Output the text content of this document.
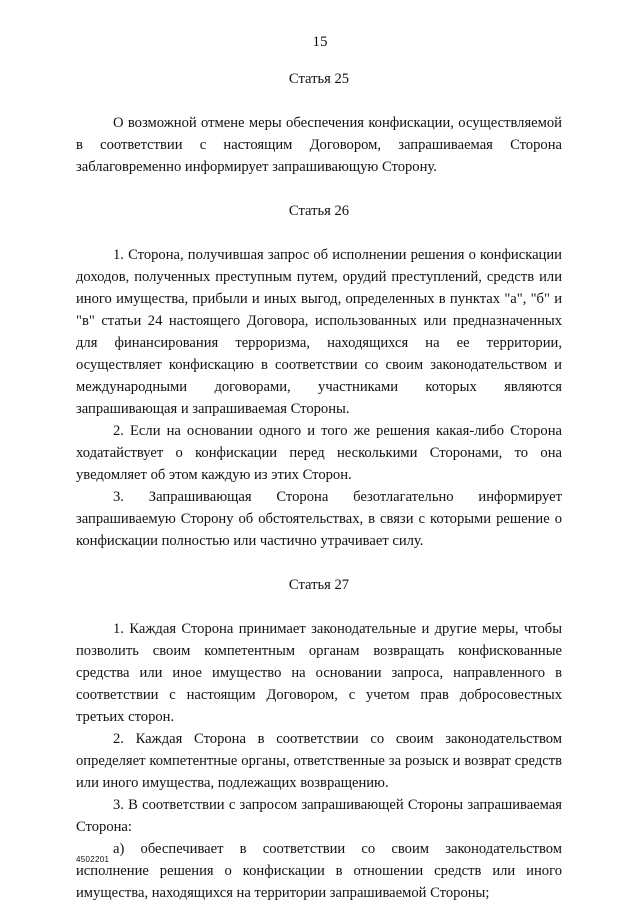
15

Статья 25

О возможной отмене меры обеспечения конфискации, осуществляемой в соответствии с настоящим Договором, запрашиваемая Сторона заблаговременно информирует запрашивающую Сторону.

Статья 26

1. Сторона, получившая запрос об исполнении решения о конфискации доходов, полученных преступным путем, орудий преступлений, средств или иного имущества, прибыли и иных выгод, определенных в пунктах "а", "б" и "в" статьи 24 настоящего Договора, использованных или предназначенных для финансирования терроризма, находящихся на ее территории, осуществляет конфискацию в соответствии со своим законодательством и международными договорами, участниками которых являются запрашивающая и запрашиваемая Стороны.

2. Если на основании одного и того же решения какая-либо Сторона ходатайствует о конфискации перед несколькими Сторонами, то она уведомляет об этом каждую из этих Сторон.

3. Запрашивающая Сторона безотлагательно информирует запрашиваемую Сторону об обстоятельствах, в связи с которыми решение о конфискации полностью или частично утрачивает силу.

Статья 27

1. Каждая Сторона принимает законодательные и другие меры, чтобы позволить своим компетентным органам возвращать конфискованные средства или иное имущество на основании запроса, направленного в соответствии с настоящим Договором, с учетом прав добросовестных третьих сторон.

2. Каждая Сторона в соответствии со своим законодательством определяет компетентные органы, ответственные за розыск и возврат средств или иного имущества, подлежащих возвращению.

3. В соответствии с запросом запрашивающей Стороны запрашиваемая Сторона:

а) обеспечивает в соответствии со своим законодательством исполнение решения о конфискации в отношении средств или иного имущества, находящихся на территории запрашиваемой Стороны;

4502201
